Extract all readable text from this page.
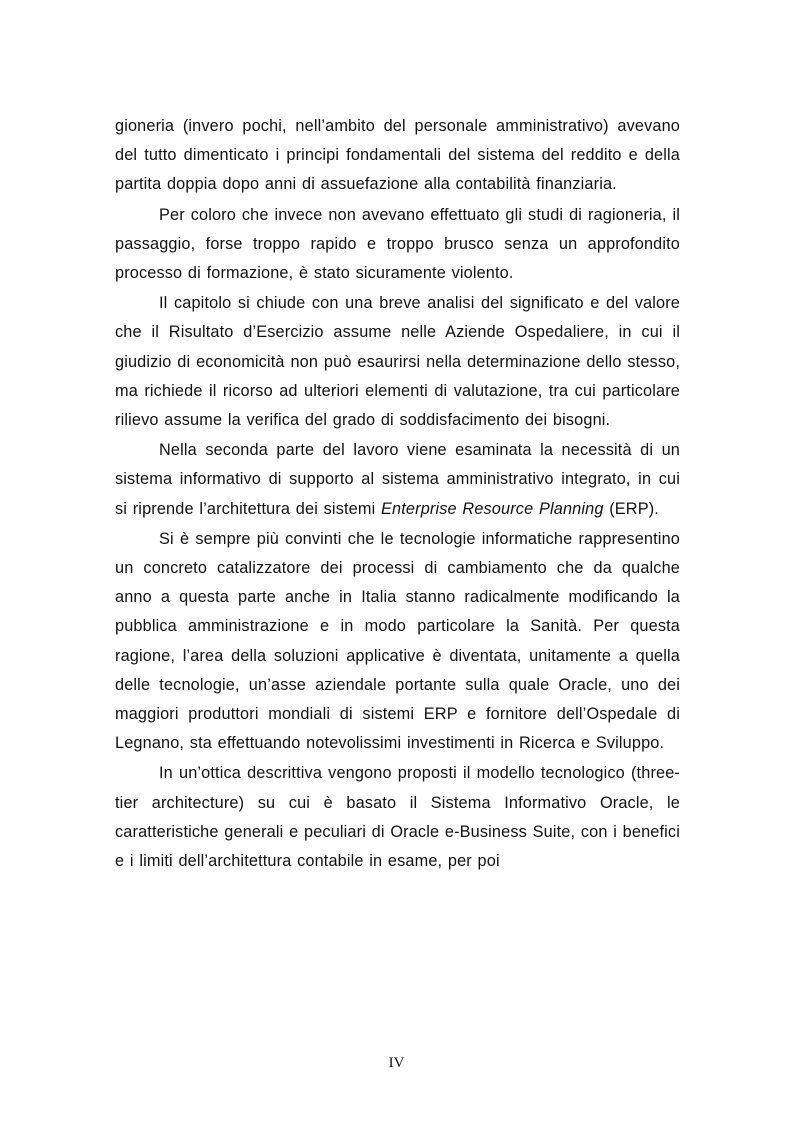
gioneria (invero pochi, nell’ambito del personale amministrativo) avevano del tutto dimenticato i principi fondamentali del sistema del reddito e della partita doppia dopo anni di assuefazione alla contabilità finanziaria.

Per coloro che invece non avevano effettuato gli studi di ragioneria, il passaggio, forse troppo rapido e troppo brusco senza un approfondito processo di formazione, è stato sicuramente violento.

Il capitolo si chiude con una breve analisi del significato e del valore che il Risultato d’Esercizio assume nelle Aziende Ospedaliere, in cui il giudizio di economicità non può esaurirsi nella determinazione dello stesso, ma richiede il ricorso ad ulteriori elementi di valutazione, tra cui particolare rilievo assume la verifica del grado di soddisfacimento dei bisogni.

Nella seconda parte del lavoro viene esaminata la necessità di un sistema informativo di supporto al sistema amministrativo integrato, in cui si riprende l’architettura dei sistemi Enterprise Resource Planning (ERP).

Si è sempre più convinti che le tecnologie informatiche rappresentino un concreto catalizzatore dei processi di cambiamento che da qualche anno a questa parte anche in Italia stanno radicalmente modificando la pubblica amministrazione e in modo particolare la Sanità. Per questa ragione, l’area della soluzioni applicative è diventata, unitamente a quella delle tecnologie, un’asse aziendale portante sulla quale Oracle, uno dei maggiori produttori mondiali di sistemi ERP e fornitore dell’Ospedale di Legnano, sta effettuando notevolissimi investimenti in Ricerca e Sviluppo.

In un’ottica descrittiva vengono proposti il modello tecnologico (three-tier architecture) su cui è basato il Sistema Informativo Oracle, le caratteristiche generali e peculiari di Oracle e-Business Suite, con i benefici e i limiti dell’architettura contabile in esame, per poi

IV
